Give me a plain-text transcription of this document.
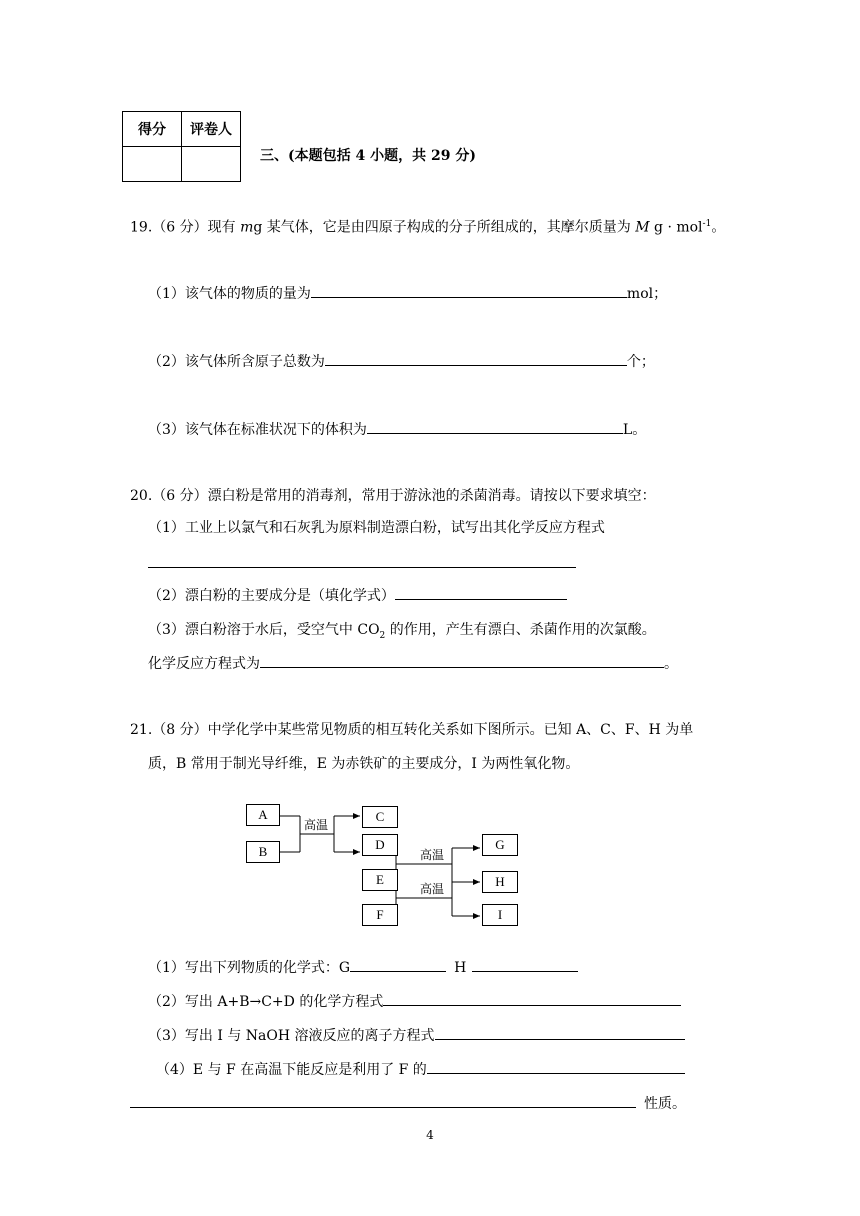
得分	评卷人

三、(本题包括 4 小题，共 29 分)
19.（6 分）现有 mg 某气体，它是由四原子构成的分子所组成的，其摩尔质量为 M g · mol$^{-1}$。
（1）该气体的物质的量为	mol；
（2）该气体所含原子总数为	个；
（3）该气体在标准状况下的体积为	L。
20.（6 分）漂白粉是常用的消毒剂，常用于游泳池的杀菌消毒。请按以下要求填空：
（1）工业上以氯气和石灰乳为原料制造漂白粉，试写出其化学反应方程式
（2）漂白粉的主要成分是（填化学式）
（3）漂白粉溶于水后，受空气中 $CO_2$ 的作用，产生有漂白、杀菌作用的次氯酸。
化学反应方程式为	。
21.（8 分）中学化学中某些常见物质的相互转化关系如下图所示。已知 A、C、F、H 为单
质，B 常用于制光导纤维，E 为赤铁矿的主要成分，I 为两性氧化物。
A
B
C
D
E
F
G
H
I
高温
高温
高温
（1）写出下列物质的化学式：G	H
（2）写出 A+B→C+D 的化学方程式
（3）写出 I 与 NaOH 溶液反应的离子方程式
（4）E 与 F 在高温下能反应是利用了 F 的
性质。
4
